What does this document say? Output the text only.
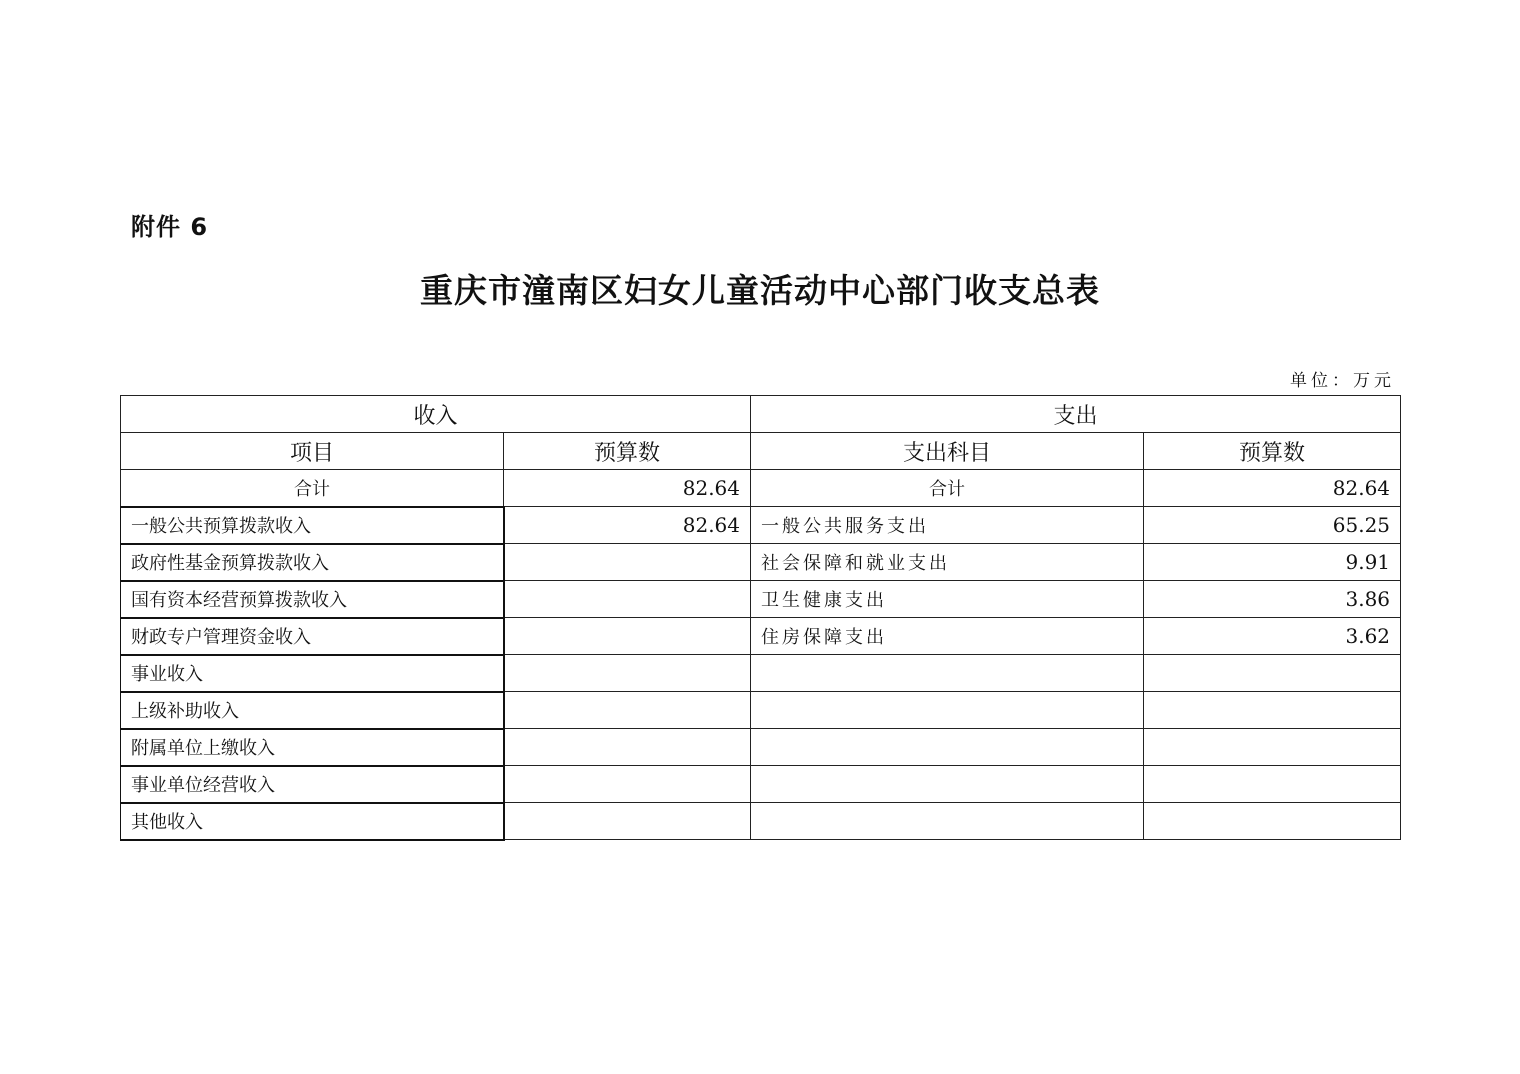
附件 6
重庆市潼南区妇女儿童活动中心部门收支总表
单位：万元
收入		支出	
项目	预算数	支出科目	预算数
合计	82.64	合计	82.64
一般公共预算拨款收入	82.64	一般公共服务支出	65.25
政府性基金预算拨款收入		社会保障和就业支出	9.91
国有资本经营预算拨款收入		卫生健康支出	3.86
财政专户管理资金收入		住房保障支出	3.62
事业收入			
上级补助收入			
附属单位上缴收入			
事业单位经营收入			
其他收入			
